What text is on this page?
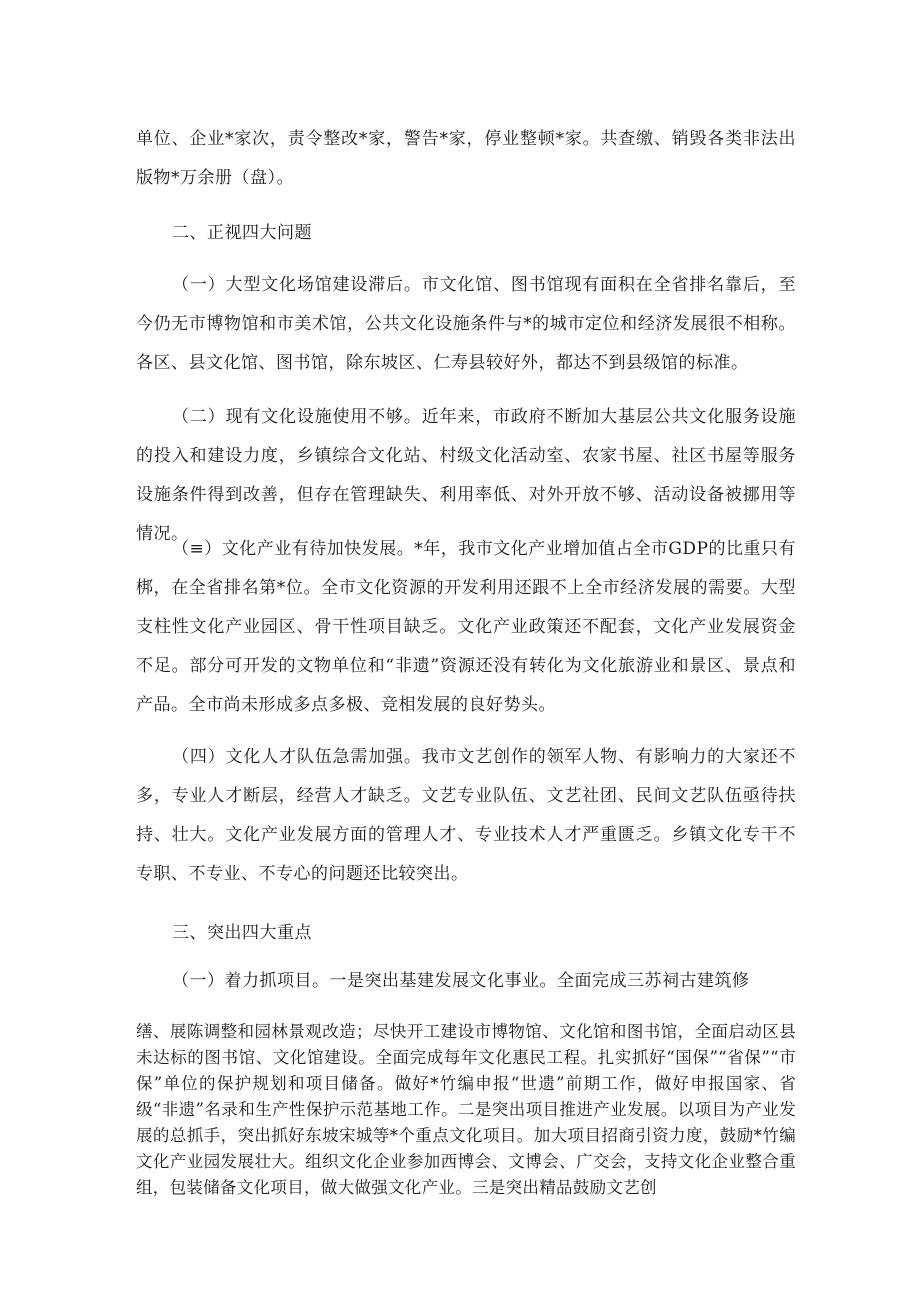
单位、企业*家次，责令整改*家，警告*家，停业整顿*家。共查缴、销毁各类非法出版物*万余册（盘）。

二、正视四大问题

（一）大型文化场馆建设滞后。市文化馆、图书馆现有面积在全省排名靠后，至今仍无市博物馆和市美术馆，公共文化设施条件与*的城市定位和经济发展很不相称。各区、县文化馆、图书馆，除东坡区、仁寿县较好外，都达不到县级馆的标准。

（二）现有文化设施使用不够。近年来，市政府不断加大基层公共文化服务设施的投入和建设力度，乡镇综合文化站、村级文化活动室、农家书屋、社区书屋等服务设施条件得到改善，但存在管理缺失、利用率低、对外开放不够、活动设备被挪用等情况。

（≡）文化产业有待加快发展。*年，我市文化产业增加值占全市GDP的比重只有梆，在全省排名第*位。全市文化资源的开发利用还跟不上全市经济发展的需要。大型支柱性文化产业园区、骨干性项目缺乏。文化产业政策还不配套，文化产业发展资金不足。部分可开发的文物单位和“非遗”资源还没有转化为文化旅游业和景区、景点和产品。全市尚未形成多点多极、竞相发展的良好势头。

（四）文化人才队伍急需加强。我市文艺创作的领军人物、有影响力的大家还不多，专业人才断层，经营人才缺乏。文艺专业队伍、文艺社团、民间文艺队伍亟待扶持、壮大。文化产业发展方面的管理人才、专业技术人才严重匮乏。乡镇文化专干不专职、不专业、不专心的问题还比较突出。

三、突出四大重点

（一）着力抓项目。一是突出基建发展文化事业。全面完成三苏祠古建筑修

缮、展陈调整和园林景观改造；尽快开工建设市博物馆、文化馆和图书馆，全面启动区县未达标的图书馆、文化馆建设。全面完成每年文化惠民工程。扎实抓好“国保”“省保”“市保”单位的保护规划和项目储备。做好*竹编申报“世遗”前期工作，做好申报国家、省级“非遗”名录和生产性保护示范基地工作。二是突出项目推进产业发展。以项目为产业发展的总抓手，突出抓好东坡宋城等*个重点文化项目。加大项目招商引资力度，鼓励*竹编文化产业园发展壮大。组织文化企业参加西博会、文博会、广交会，支持文化企业整合重组，包装储备文化项目，做大做强文化产业。三是突出精品鼓励文艺创
